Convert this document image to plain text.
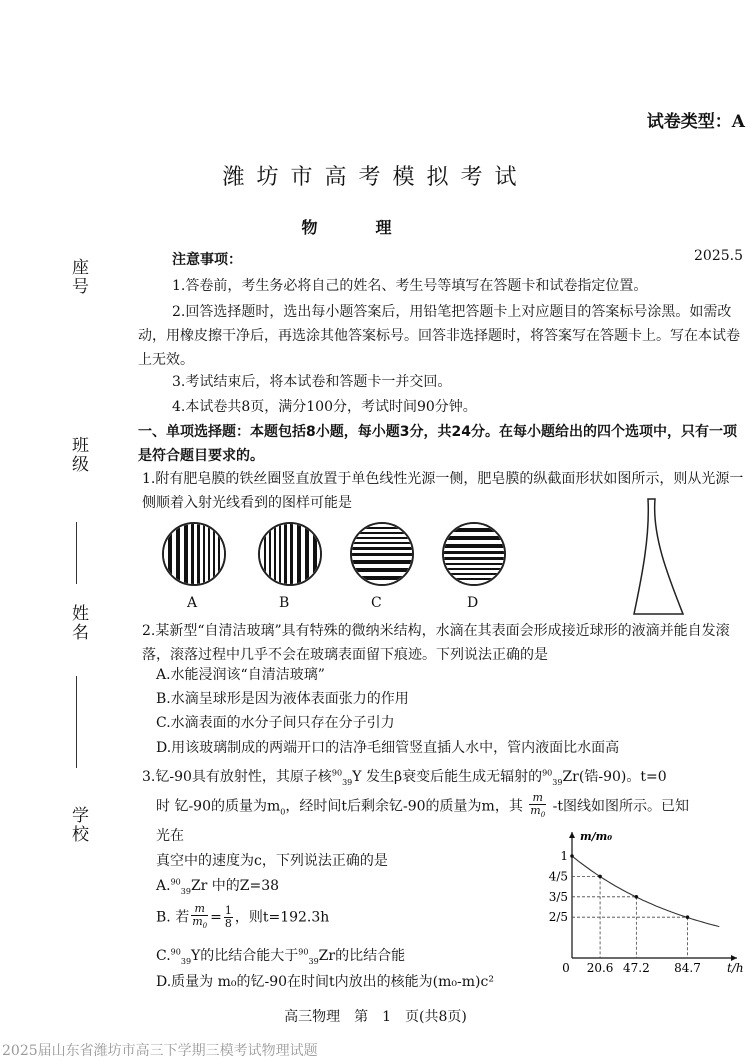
试卷类型：A
潍坊市高考模拟考试
物理
2025.5
座号
班级
姓名
学校
注意事项：
1.答卷前，考生务必将自己的姓名、考生号等填写在答题卡和试卷指定位置。
2.回答选择题时，选出每小题答案后，用铅笔把答题卡上对应题目的答案标号涂黑。如需改动，用橡皮擦干净后，再选涂其他答案标号。回答非选择题时，将答案写在答题卡上。写在本试卷上无效。
3.考试结束后，将本试卷和答题卡一并交回。
4.本试卷共8页，满分100分，考试时间90分钟。
一、单项选择题：本题包括8小题，每小题3分，共24分。在每小题给出的四个选项中，只有一项是符合题目要求的。
1.附有肥皂膜的铁丝圈竖直放置于单色线性光源一侧，肥皂膜的纵截面形状如图所示，则从光源一侧顺着入射光线看到的图样可能是
A	B	C	D
2.某新型“自清洁玻璃”具有特殊的微纳米结构，水滴在其表面会形成接近球形的液滴并能自发滚落，滚落过程中几乎不会在玻璃表面留下痕迹。下列说法正确的是
A.水能浸润该“自清洁玻璃”
B.水滴呈球形是因为液体表面张力的作用
C.水滴表面的水分子间只存在分子引力
D.用该玻璃制成的两端开口的洁净毛细管竖直插人水中，管内液面比水面高
3.钇-90具有放射性，其原子核$^{90}_{39}$Y 发生β衰变后能生成无辐射的$^{90}_{39}$Zr(锆-90)。t=0
时 钇-90的质量为$m_0$，经时间t后剩余钇-90的质量为m，其 $\frac{m}{m_0} -t$图线如图所示。已知
光在
真空中的速度为c，下列说法正确的是
A.$^{90}_{39}$Zr 中的Z=38
B. 若 $\frac{m}{m_0} = \frac{1}{8}$ ，则t=192.3h
C.$^{90}_{39}$Y的比结合能大于$^{90}_{39}$Zr的比结合能
D.质量为 m₀的钇-90在时间t内放出的核能为(m₀-m)c²
m/m₀
t/h
1
4/5
3/5
2/5
0 20.6 47.2 84.7
高三物理　第　1　页(共8页)
2025届山东省潍坊市高三下学期三模考试物理试题
